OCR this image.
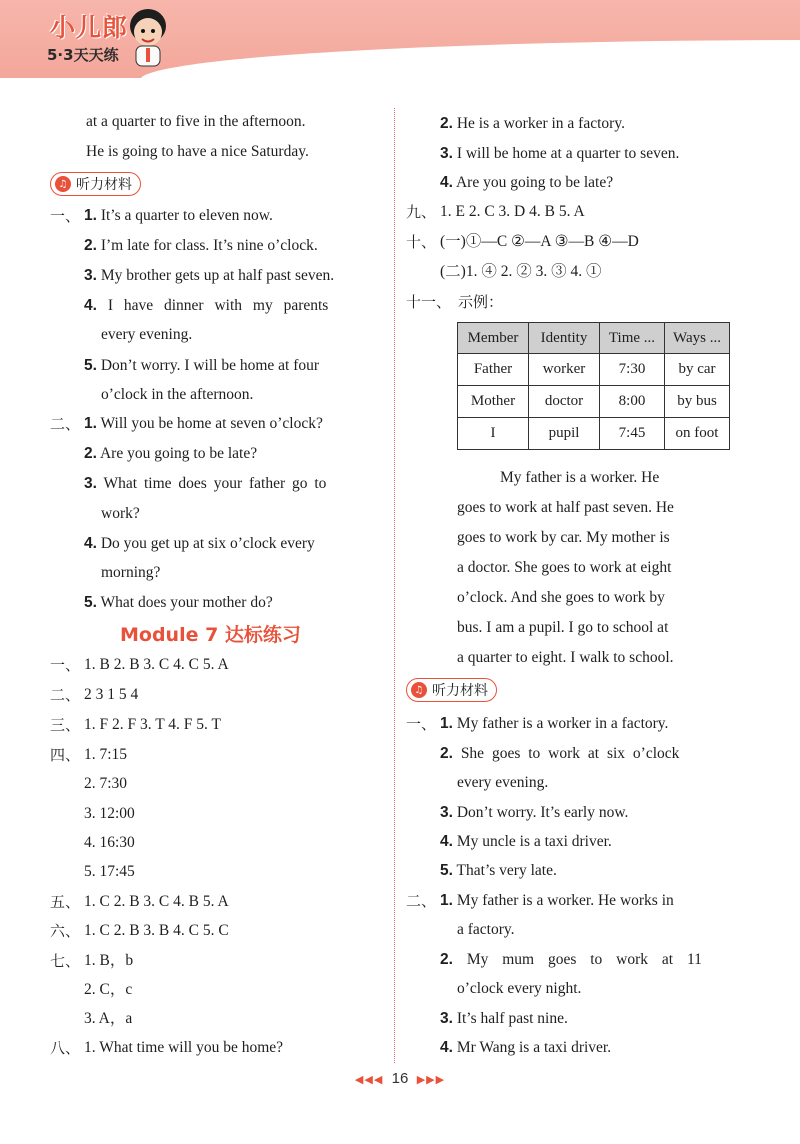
小儿郎
5·3天天练
at a quarter to five in the afternoon.
He is going to have a nice Saturday.
♫ 听力材料
一、 1. It’s a quarter to eleven now.
2. I’m late for class. It’s nine o’clock.
3. My brother gets up at half past seven.
4. I have dinner with my parents
every evening.
5. Don’t worry. I will be home at four
o’clock in the afternoon.
二、 1. Will you be home at seven o’clock?
2. Are you going to be late?
3. What time does your father go to
work?
4. Do you get up at six o’clock every
morning?
5. What does your mother do?
Module 7 达标练习
一、 1. B 2. B 3. C 4. C 5. A
二、 2 3 1 5 4
三、 1. F 2. F 3. T 4. F 5. T
四、 1. 7:15
2. 7:30
3. 12:00
4. 16:30
5. 17:45
五、 1. C 2. B 3. C 4. B 5. A
六、 1. C 2. B 3. B 4. C 5. C
七、 1. B，b
2. C，c
3. A，a
八、 1. What time will you be home?
2. He is a worker in a factory.
3. I will be home at a quarter to seven.
4. Are you going to be late?
九、 1. E 2. C 3. D 4. B 5. A
十、 (一)①—C ②—A ③—B ④—D
(二)1. ④ 2. ② 3. ③ 4. ①
十一、 示例：
Member	Identity	Time ...	Ways ...
Father	worker	7:30	by car
Mother	doctor	8:00	by bus
I	pupil	7:45	on foot
My father is a worker. He
goes to work at half past seven. He
goes to work by car. My mother is
a doctor. She goes to work at eight
o’clock. And she goes to work by
bus. I am a pupil. I go to school at
a quarter to eight. I walk to school.
♫ 听力材料
一、 1. My father is a worker in a factory.
2. She goes to work at six o’clock
every evening.
3. Don’t worry. It’s early now.
4. My uncle is a taxi driver.
5. That’s very late.
二、 1. My father is a worker. He works in
a factory.
2. My mum goes to work at 11
o’clock every night.
3. It’s half past nine.
4. Mr Wang is a taxi driver.
◀◀◀ 16 ▶▶▶
